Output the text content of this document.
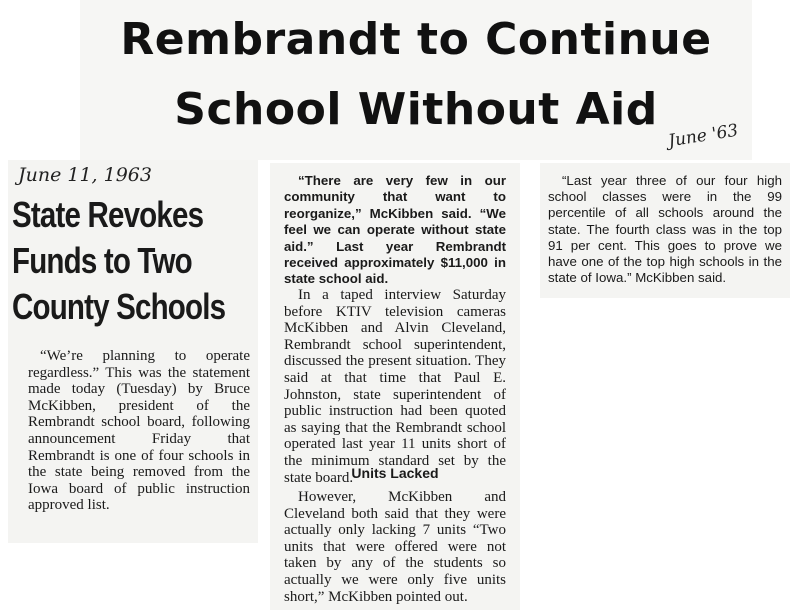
Rembrandt to Continue
School Without Aid
June '63
June 11, 1963
State Revokes
Funds to Two
County Schools

“We’re planning to operate regardless.” This was the statement made today (Tuesday) by Bruce McKibben, president of the Rembrandt school board, following announcement Friday that Rembrandt is one of four schools in the state being removed from the Iowa board of public instruction approved list.

“There are very few in our community that want to reorganize,” McKibben said. “We feel we can operate without state aid.” Last year Rembrandt received approximately $11,000 in state school aid.

In a taped interview Saturday before KTIV television cameras McKibben and Alvin Cleveland, Rembrandt school superintendent, discussed the present situation. They said at that time that Paul E. Johnston, state superintendent of public instruction had been quoted as saying that the Rembrandt school operated last year 11 units short of the minimum standard set by the state board.

Units Lacked

However, McKibben and Cleveland both said that they were actually only lacking 7 units “Two units that were offered were not taken by any of the students so actually we were only five units short,” McKibben pointed out.

“Last year three of our four high school classes were in the 99 percentile of all schools around the state. The fourth class was in the top 91 per cent. This goes to prove we have one of the top high schools in the state of Iowa.” McKibben said.
